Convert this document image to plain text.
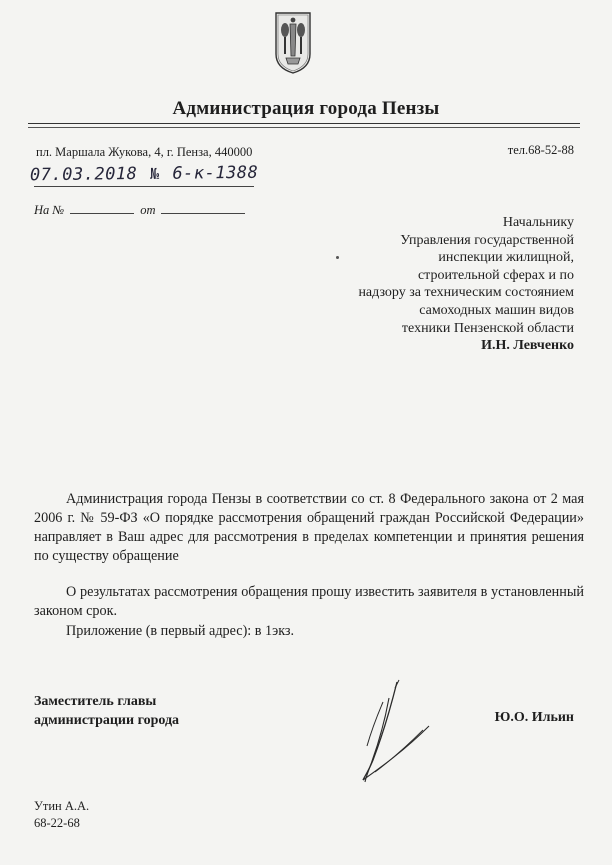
Администрация города Пензы
пл. Маршала Жукова, 4, г. Пенза, 440000	тел.68-52-88
07.03.2018 № 6-к-1388
На №	от
Начальнику
Управления государственной
инспекции жилищной,
строительной сферах и по
надзору за техническим состоянием
самоходных машин видов
техники Пензенской области
И.Н. Левченко
Администрация города Пензы в соответствии со ст. 8 Федерального закона от 2 мая 2006 г. № 59-ФЗ «О порядке рассмотрения обращений граждан Российской Федерации» направляет в Ваш адрес для рассмотрения в пределах компетенции и принятия решения по существу обращение
О результатах рассмотрения обращения прошу известить заявителя в установленный законом срок.
Приложение (в первый адрес): в 1экз.
Заместитель главы
администрации города	Ю.О. Ильин
Утин А.А.
68-22-68
